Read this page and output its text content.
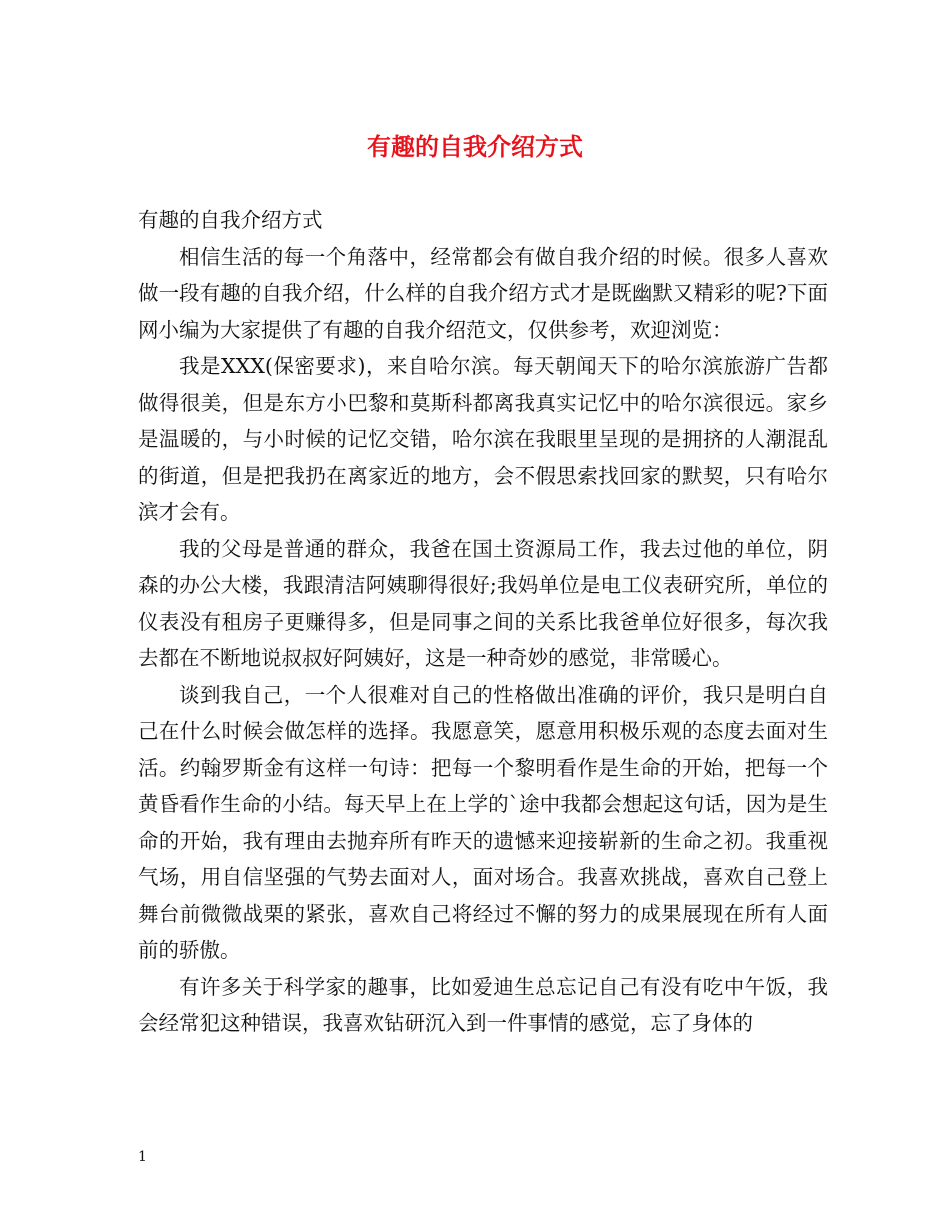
有趣的自我介绍方式

有趣的自我介绍方式

相信生活的每一个角落中，经常都会有做自我介绍的时候。很多人喜欢做一段有趣的自我介绍，什么样的自我介绍方式才是既幽默又精彩的呢?下面网小编为大家提供了有趣的自我介绍范文，仅供参考，欢迎浏览：

我是XXX(保密要求)，来自哈尔滨。每天朝闻天下的哈尔滨旅游广告都做得很美，但是东方小巴黎和莫斯科都离我真实记忆中的哈尔滨很远。家乡是温暖的，与小时候的记忆交错，哈尔滨在我眼里呈现的是拥挤的人潮混乱的街道，但是把我扔在离家近的地方，会不假思索找回家的默契，只有哈尔滨才会有。

我的父母是普通的群众，我爸在国土资源局工作，我去过他的单位，阴森的办公大楼，我跟清洁阿姨聊得很好;我妈单位是电工仪表研究所，单位的仪表没有租房子更赚得多，但是同事之间的关系比我爸单位好很多，每次我去都在不断地说叔叔好阿姨好，这是一种奇妙的感觉，非常暖心。

谈到我自己，一个人很难对自己的性格做出准确的评价，我只是明白自己在什么时候会做怎样的选择。我愿意笑，愿意用积极乐观的态度去面对生活。约翰罗斯金有这样一句诗：把每一个黎明看作是生命的开始，把每一个黄昏看作生命的小结。每天早上在上学的`途中我都会想起这句话，因为是生命的开始，我有理由去抛弃所有昨天的遗憾来迎接崭新的生命之初。我重视气场，用自信坚强的气势去面对人，面对场合。我喜欢挑战，喜欢自己登上舞台前微微战栗的紧张，喜欢自己将经过不懈的努力的成果展现在所有人面前的骄傲。

有许多关于科学家的趣事，比如爱迪生总忘记自己有没有吃中午饭，我会经常犯这种错误，我喜欢钻研沉入到一件事情的感觉，忘了身体的

1
